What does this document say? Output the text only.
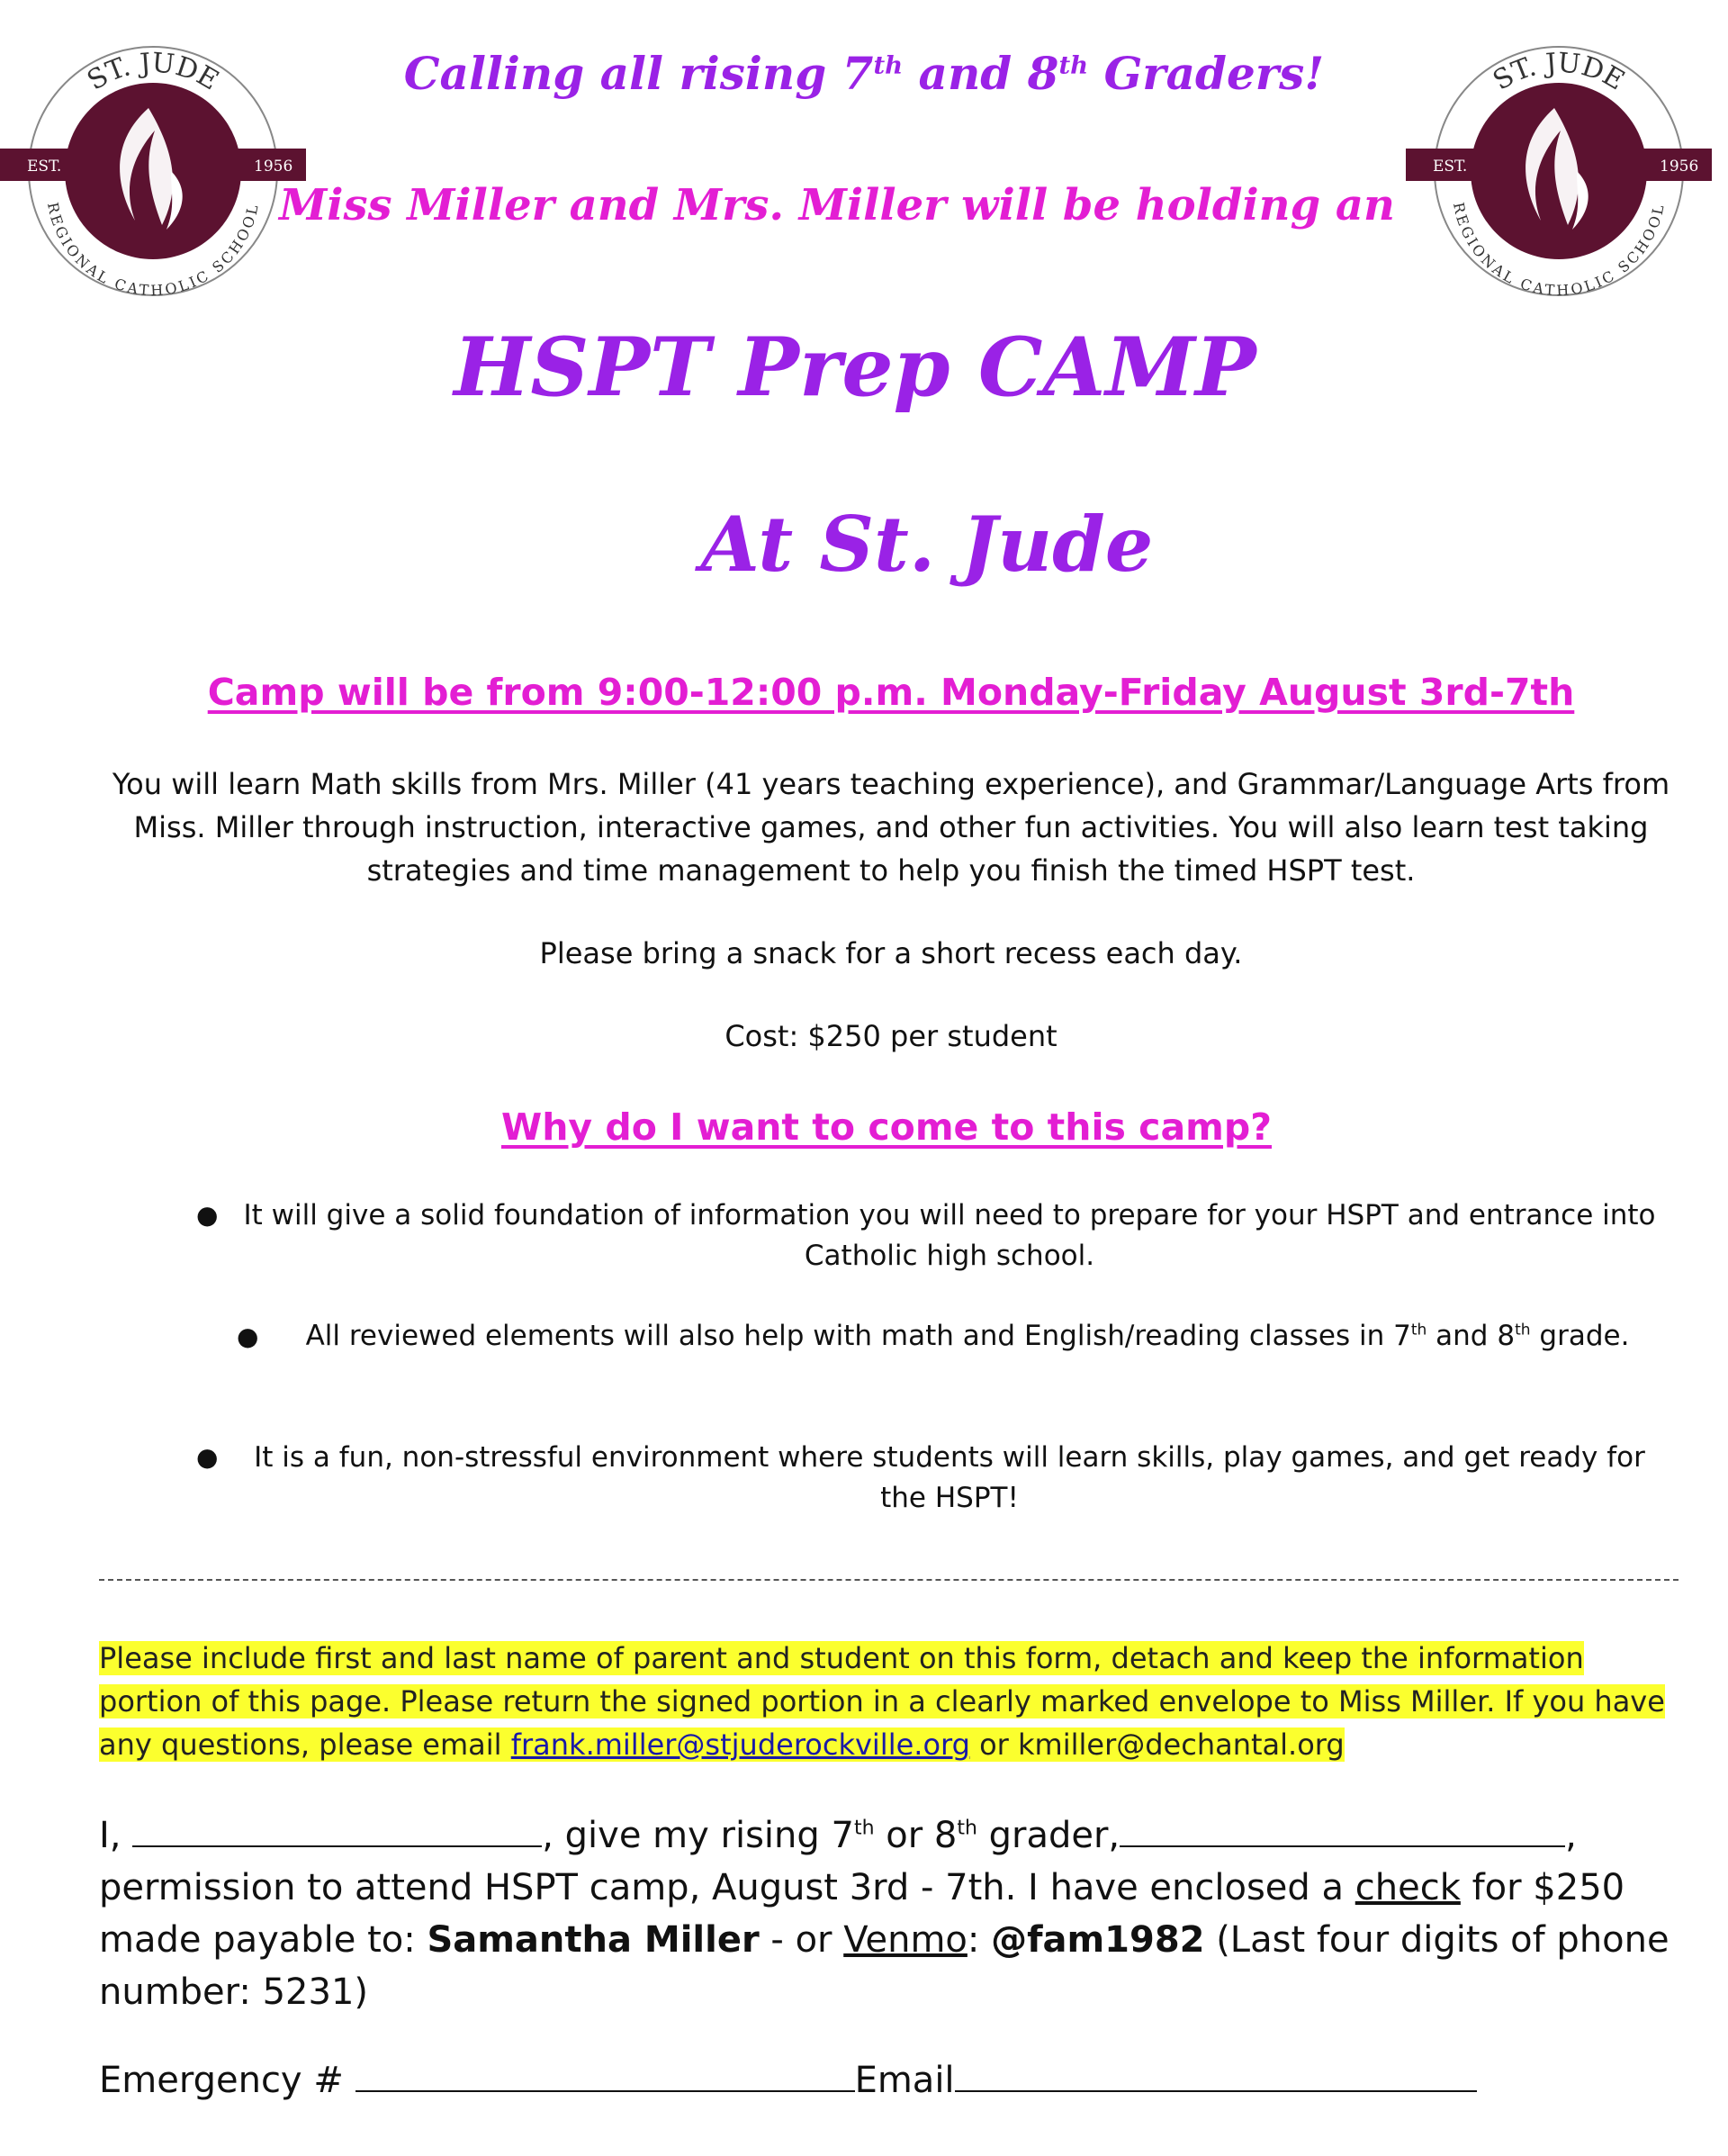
ST. JUDE
REGIONAL CATHOLIC SCHOOL
EST.	1956
ST. JUDE
REGIONAL CATHOLIC SCHOOL
EST.	1956
Calling all rising 7th and 8th Graders!
Miss Miller and Mrs. Miller will be holding an
HSPT Prep CAMP
At St. Jude
Camp will be from 9:00-12:00 p.m. Monday-Friday August 3rd-7th
You will learn Math skills from Mrs. Miller (41 years teaching experience), and Grammar/Language Arts from Miss. Miller through instruction, interactive games, and other fun activities. You will also learn test taking strategies and time management to help you finish the timed HSPT test.
Please bring a snack for a short recess each day.
Cost: $250 per student
Why do I want to come to this camp?
● It will give a solid foundation of information you will need to prepare for your HSPT and entrance into Catholic high school.
●	All reviewed elements will also help with math and English/reading classes in 7th and 8th grade.
●	It is a fun, non-stressful environment where students will learn skills, play games, and get ready for the HSPT!
Please include first and last name of parent and student on this form, detach and keep the information portion of this page. Please return the signed portion in a clearly marked envelope to Miss Miller. If you have any questions, please email frank.miller@stjuderockville.org or kmiller@dechantal.org
I,	, give my rising 7th or 8th grader,	,
permission to attend HSPT camp, August 3rd - 7th. I have enclosed a check for $250
made payable to: Samantha Miller - or Venmo: @fam1982 (Last four digits of phone number: 5231)
Emergency #	Email
